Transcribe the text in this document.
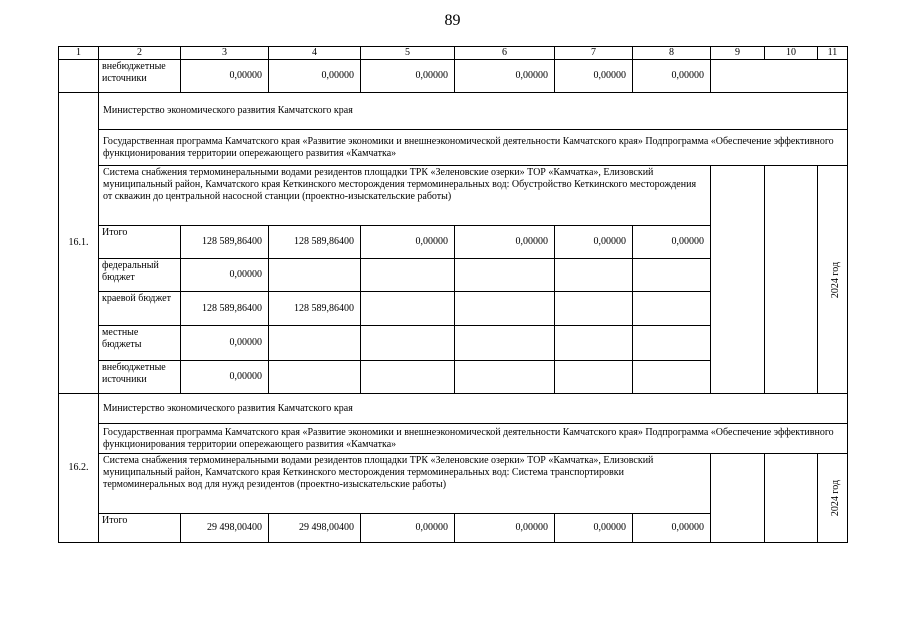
89
1	2	3	4	5	6	7	8	9	10	11
	внебюджетные источники	0,00000	0,00000	0,00000	0,00000	0,00000	0,00000			
16.1.	Министерство экономического развития Камчатского края									
	Государственная программа Камчатского края «Развитие экономики и внешнеэкономической деятельности Камчатского края» Подпрограмма «Обеспечение эффективного функционирования территории опережающего развития «Камчатка»									
	Система снабжения термоминеральными водами резидентов площадки ТРК «Зеленовские озерки» ТОР «Камчатка», Елизовский муниципальный район, Камчатского края Кеткинского месторождения термоминеральных вод: Обустройство Кеткинского месторождения от скважин до центральной насосной станции (проектно-изыскательские работы)									2024 год
	Итого	128 589,86400	128 589,86400	0,00000	0,00000	0,00000	0,00000			
	федеральный бюджет	0,00000								
	краевой бюджет	128 589,86400	128 589,86400							
	местные бюджеты	0,00000								
	внебюджетные источники	0,00000								
16.2.	Министерство экономического развития Камчатского края									
	Государственная программа Камчатского края «Развитие экономики и внешнеэкономической деятельности Камчатского края» Подпрограмма «Обеспечение эффективного функционирования территории опережающего развития «Камчатка»									
	Система снабжения термоминеральными водами резидентов площадки ТРК «Зеленовские озерки» ТОР «Камчатка», Елизовский муниципальный район, Камчатского края Кеткинского месторождения термоминеральных вод: Система транспортировки термоминеральных вод для нужд резидентов (проектно-изыскательские работы)									2024 год
	Итого	29 498,00400	29 498,00400	0,00000	0,00000	0,00000	0,00000			
